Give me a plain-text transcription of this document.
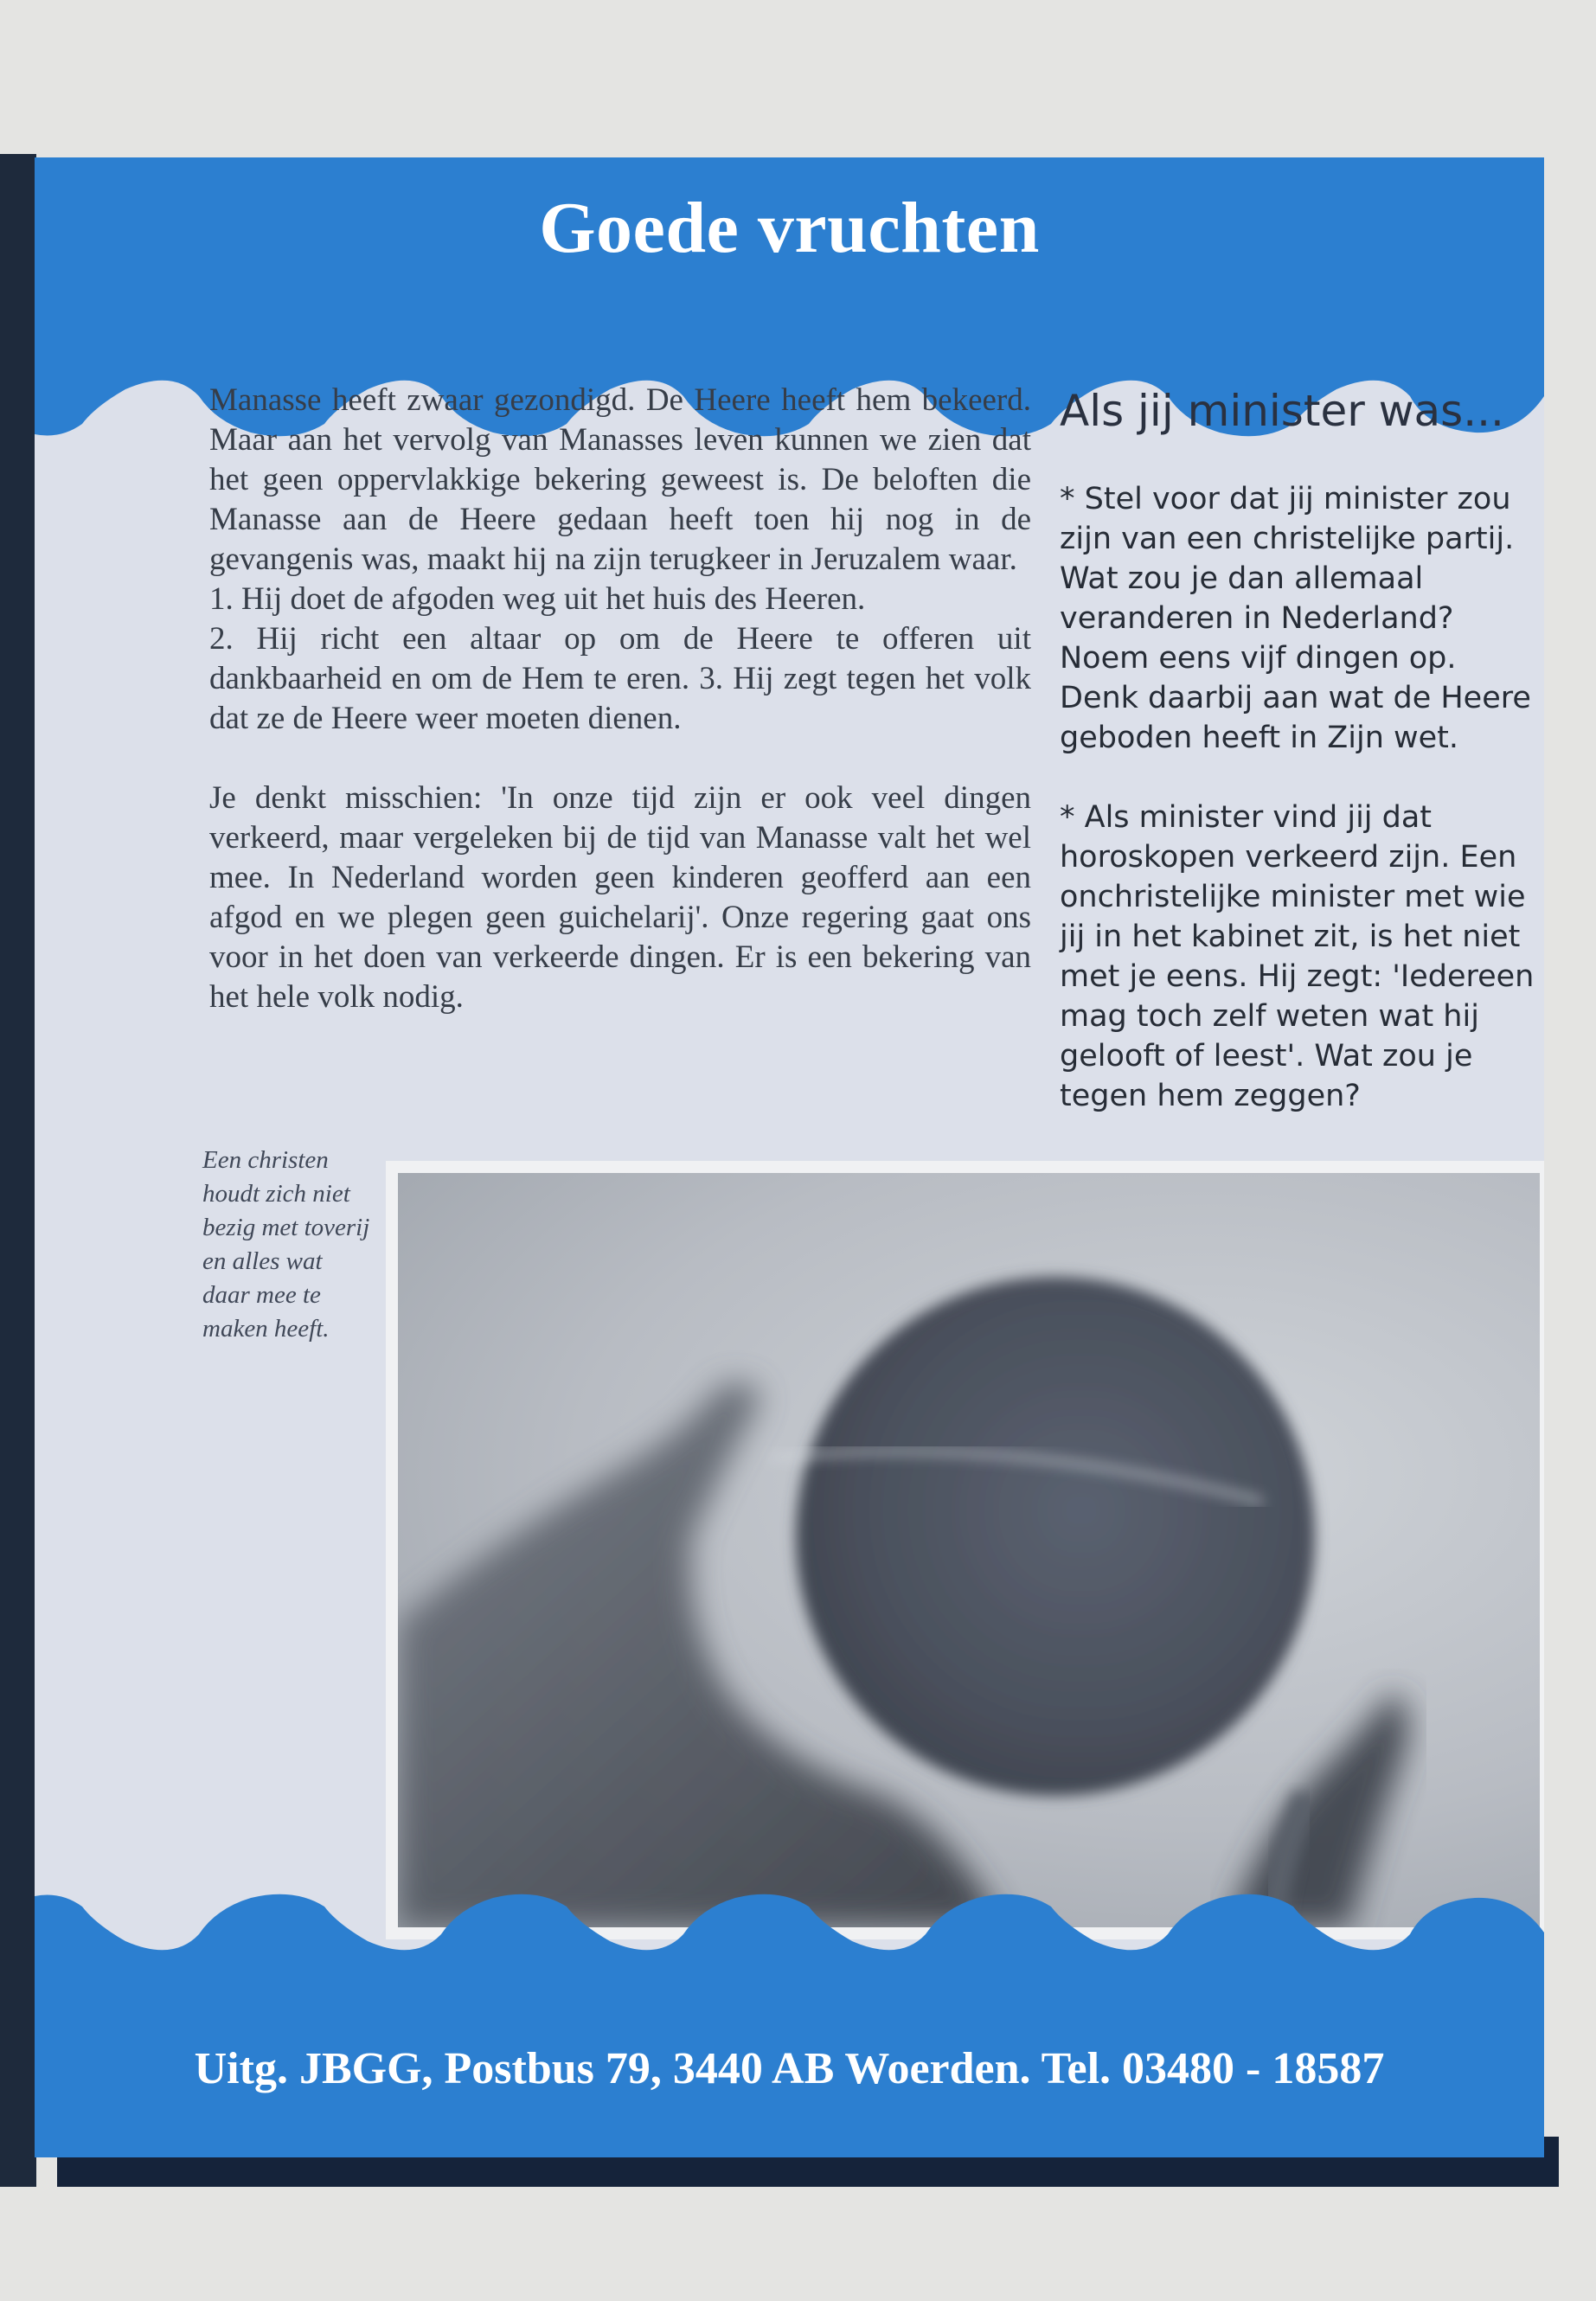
Goede vruchten

Manasse heeft zwaar gezondigd. De Heere heeft hem bekeerd. Maar aan het vervolg van Manasses leven kunnen we zien dat het geen oppervlakkige bekering geweest is. De beloften die Manasse aan de Heere gedaan heeft toen hij nog in de gevangenis was, maakt hij na zijn terugkeer in Jeruzalem waar.

1. Hij doet de afgoden weg uit het huis des Heeren.

2. Hij richt een altaar op om de Heere te offeren uit dankbaarheid en om de Hem te eren. 3. Hij zegt tegen het volk dat ze de Heere weer moeten dienen.

Je denkt misschien: 'In onze tijd zijn er ook veel dingen verkeerd, maar vergeleken bij de tijd van Manasse valt het wel mee. In Nederland worden geen kinderen geofferd aan een afgod en we plegen geen guichelarij'. Onze regering gaat ons voor in het doen van verkeerde dingen. Er is een bekering van het hele volk nodig.

Als jij minister was...

* Stel voor dat jij minister zou zijn van een christelijke partij. Wat zou je dan allemaal veranderen in Nederland?

Noem eens vijf dingen op.

Denk daarbij aan wat de Heere geboden heeft in Zijn wet.

* Als minister vind jij dat horoskopen verkeerd zijn. Een onchristelijke minister met wie jij in het kabinet zit, is het niet met je eens. Hij zegt: 'Iedereen mag toch zelf weten wat hij gelooft of leest'. Wat zou je tegen hem zeggen?

Een christen houdt zich niet bezig met toverij en alles wat daar mee te maken heeft.
Uitg. JBGG, Postbus 79, 3440 AB Woerden. Tel. 03480 - 18587
